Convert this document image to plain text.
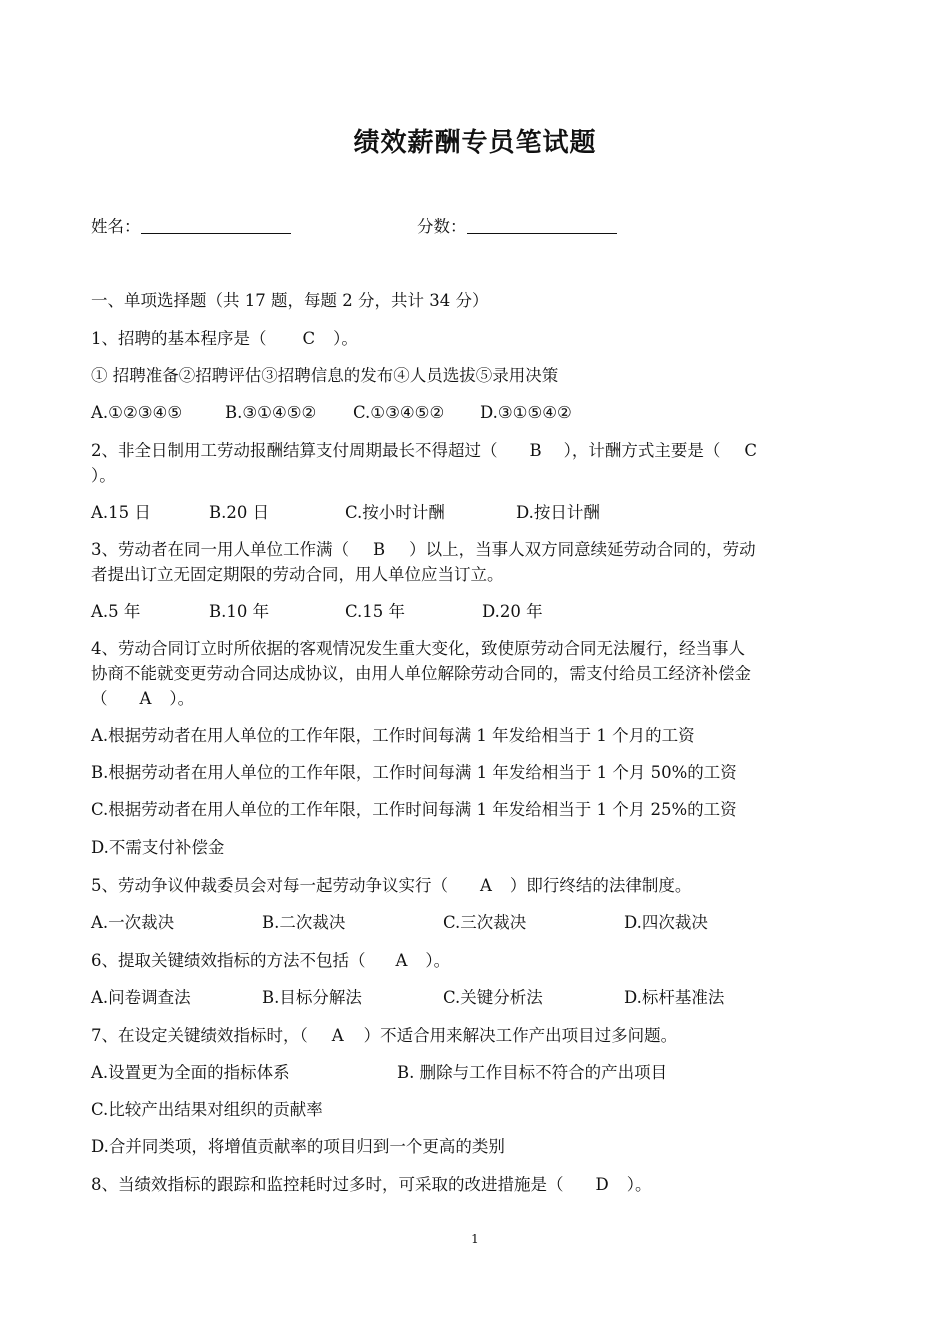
绩效薪酬专员笔试题
姓名：	分数：
一、单项选择题（共 17 题，每题 2 分，共计 34 分）
1、招聘的基本程序是（ C ）。
① 招聘准备②招聘评估③招聘信息的发布④人员选拔⑤录用决策
A.①②③④⑤	B.③①④⑤② C.①③④⑤② D.③①⑤④②
2、非全日制用工劳动报酬结算支付周期最长不得超过（ B ），计酬方式主要是（ C
）。
A.15 日	B.20 日	C.按小时计酬	D.按日计酬
3、劳动者在同一用人单位工作满（ B ）以上，当事人双方同意续延劳动合同的，劳动
者提出订立无固定期限的劳动合同，用人单位应当订立。
A.5 年	B.10 年	C.15 年	D.20 年
4、劳动合同订立时所依据的客观情况发生重大变化，致使原劳动合同无法履行，经当事人
协商不能就变更劳动合同达成协议，由用人单位解除劳动合同的，需支付给员工经济补偿金
（ A ）。
A.根据劳动者在用人单位的工作年限，工作时间每满 1 年发给相当于 1 个月的工资
B.根据劳动者在用人单位的工作年限，工作时间每满 1 年发给相当于 1 个月 50%的工资
C.根据劳动者在用人单位的工作年限，工作时间每满 1 年发给相当于 1 个月 25%的工资
D.不需支付补偿金
5、劳动争议仲裁委员会对每一起劳动争议实行（ A ）即行终结的法律制度。
A.一次裁决	B.二次裁决	C.三次裁决	D.四次裁决
6、提取关键绩效指标的方法不包括（ A ）。
A.问卷调查法	B.目标分解法	C.关键分析法	D.标杆基准法
7、在设定关键绩效指标时，（ A ）不适合用来解决工作产出项目过多问题。
A.设置更为全面的指标体系	B. 删除与工作目标不符合的产出项目
C.比较产出结果对组织的贡献率
D.合并同类项，将增值贡献率的项目归到一个更高的类别
8、当绩效指标的跟踪和监控耗时过多时，可采取的改进措施是（ D ）。
1
